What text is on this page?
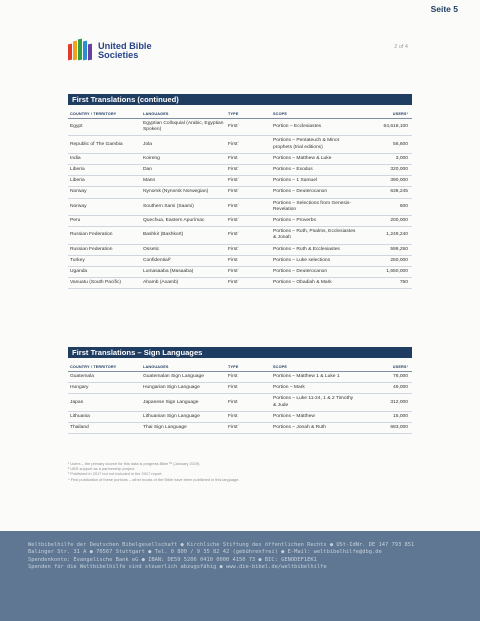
Seite 5
United Bible
Societies
2 of 4
First Translations (continued)
COUNTRY / TERRITORY	LANGUAGES	TYPE	SCOPE	USERS¹
Egypt	Egyptian Colloquial (Arabic, Egyptian Spoken)	First´	Portion – Ecclesiastes	64,618,100
Republic of The Gambia	Jola	First´	Portions – Pentateuch & Minor prophets (trial editions)	56,600
India	Koireng	First	Portions – Matthew & Luke	3,000
Liberia	Dan	First´	Portions – Exodus	320,000
Liberia	Mann	First´	Portions – 1 Samuel	390,000
Norway	Nynorsk (Nynorsk Norwegian)	First´	Portions – Deuterocanon	638,245
Norway	Southern Sami (Saami)	First´	Portions – Selections from Genesis-Revelation	600
Peru	Quechua, Eastern Apurímac	First´	Portions – Proverbs	200,000
Russian Federation	Bashkir (Bashkort)	First´	Portions – Ruth, Psalms, Ecclesiastes & Jonah	1,249,240
Russian Federation	Ossetic	First´	Portions – Ruth & Ecclesiastes	599,250
Turkey	Confidential²	First	Portions – Luke selections	250,000
Uganda	Lumasaaba (Masaaba)	First´	Portions – Deuterocanon	1,650,000
Vanuatu (South Pacific)	Ahamb (Axamb)	First´	Portions – Obadiah & Mark	750
First Translations – Sign Languages
COUNTRY / TERRITORY	LANGUAGES	TYPE	SCOPE	USERS¹
Guatemala	Guatemalan Sign Language	First	Portions – Matthew 1 & Luke 1	76,000
Hungary	Hungarian Sign Language	First	Portion – Mark	49,000
Japan	Japanese Sign Language	First	Portions – Luke 11-24, 1 & 2 Timothy & Jude	312,000
Lithuania	Lithuanian Sign Language	First	Portions – Matthew	15,000
Thailand	Thai Sign Language	First´	Portions – Jonah & Ruth	683,000
¹ Users – the primary source for this data is progress.Bible™ (January 2019).
² UBS support as a partnership project.
³ Published in 2017 but not included in the 2017 report.
⁴ First publication of these portions – other books of the Bible have been published in this language.
Weltbibelhilfe der Deutschen Bibelgesellschaft ● Kirchliche Stiftung des öffentlichen Rechts ● USt-IdNr. DE 147 793 851
Balinger Str. 31 A ● 70567 Stuttgart ● Tel. 0 800 / 9 35 82 42 (gebührenfrei) ● E-Mail: weltbibelhilfe@dbg.de
Spendenkonto: Evangelische Bank eG ● IBAN: DE59 5206 0410 0000 4150 73 ● BIC: GENODEF1EK1
Spenden für die Weltbibelhilfe sind steuerlich abzugsfähig ● www.die-bibel.de/weltbibelhilfe
